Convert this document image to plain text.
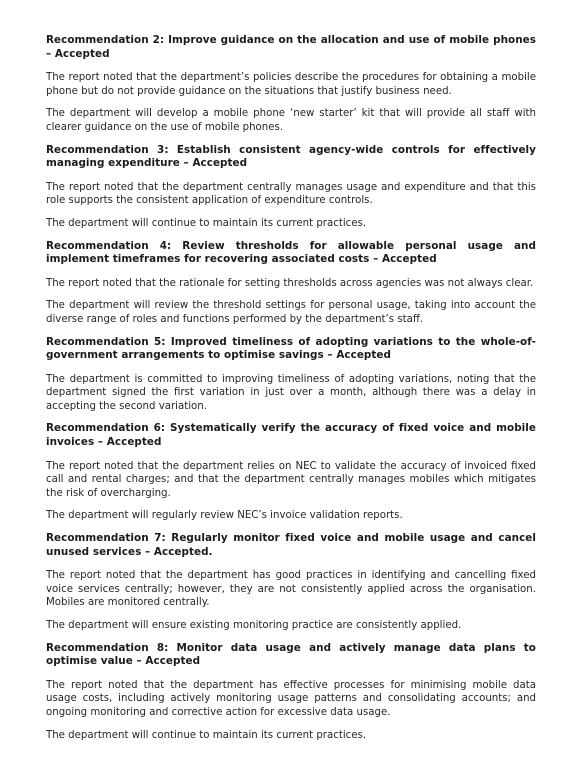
Recommendation 2: Improve guidance on the allocation and use of mobile phones – Accepted

The report noted that the department’s policies describe the procedures for obtaining a mobile phone but do not provide guidance on the situations that justify business need.

The department will develop a mobile phone ‘new starter’ kit that will provide all staff with clearer guidance on the use of mobile phones.

Recommendation 3: Establish consistent agency-wide controls for effectively managing expenditure – Accepted

The report noted that the department centrally manages usage and expenditure and that this role supports the consistent application of expenditure controls.

The department will continue to maintain its current practices.

Recommendation 4: Review thresholds for allowable personal usage and implement timeframes for recovering associated costs – Accepted

The report noted that the rationale for setting thresholds across agencies was not always clear.

The department will review the threshold settings for personal usage, taking into account the diverse range of roles and functions performed by the department’s staff.

Recommendation 5: Improved timeliness of adopting variations to the whole-of-government arrangements to optimise savings – Accepted

The department is committed to improving timeliness of adopting variations, noting that the department signed the first variation in just over a month, although there was a delay in accepting the second variation.

Recommendation 6: Systematically verify the accuracy of fixed voice and mobile invoices – Accepted

The report noted that the department relies on NEC to validate the accuracy of invoiced fixed call and rental charges; and that the department centrally manages mobiles which mitigates the risk of overcharging.

The department will regularly review NEC’s invoice validation reports.

Recommendation 7: Regularly monitor fixed voice and mobile usage and cancel unused services – Accepted.

The report noted that the department has good practices in identifying and cancelling fixed voice services centrally; however, they are not consistently applied across the organisation. Mobiles are monitored centrally.

The department will ensure existing monitoring practice are consistently applied.

Recommendation 8: Monitor data usage and actively manage data plans to optimise value – Accepted

The report noted that the department has effective processes for minimising mobile data usage costs, including actively monitoring usage patterns and consolidating accounts; and ongoing monitoring and corrective action for excessive data usage.

The department will continue to maintain its current practices.
